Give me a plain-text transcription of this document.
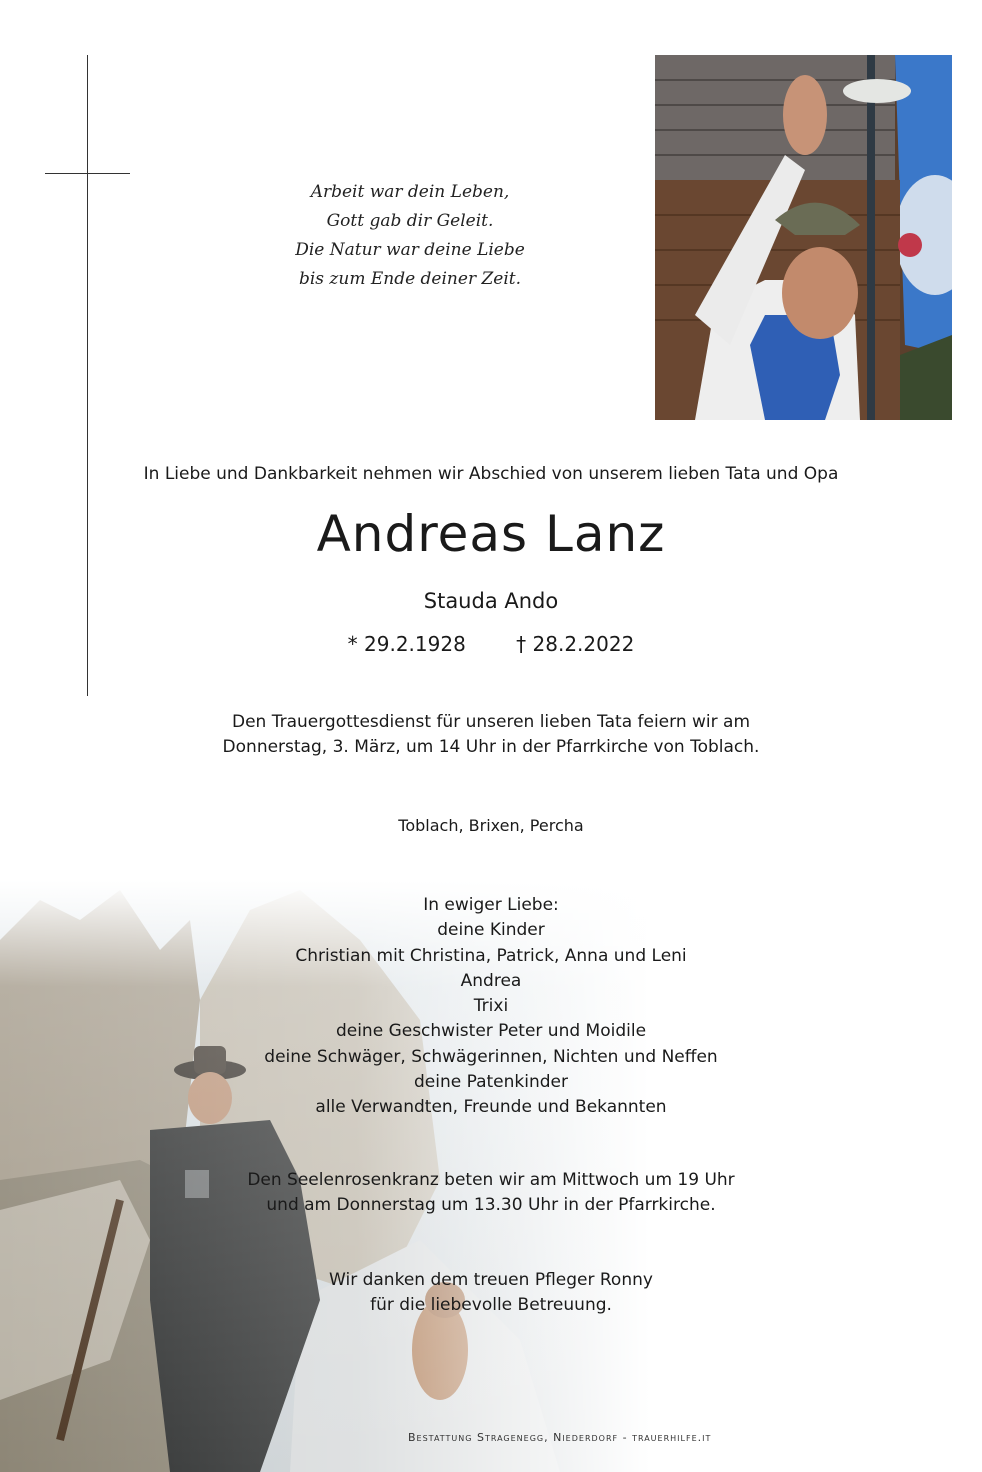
Arbeit war dein Leben,
Gott gab dir Geleit.
Die Natur war deine Liebe
bis zum Ende deiner Zeit.
In Liebe und Dankbarkeit nehmen wir Abschied von unserem lieben Tata und Opa
Andreas Lanz
Stauda Ando
* 29.2.1928	† 28.2.2022
Den Trauergottesdienst für unseren lieben Tata feiern wir am
Donnerstag, 3. März, um 14 Uhr in der Pfarrkirche von Toblach.
Toblach, Brixen, Percha
In ewiger Liebe:
deine Kinder
Christian mit Christina, Patrick, Anna und Leni
Andrea
Trixi
deine Geschwister Peter und Moidile
deine Schwäger, Schwägerinnen, Nichten und Neffen
deine Patenkinder
alle Verwandten, Freunde und Bekannten
Den Seelenrosenkranz beten wir am Mittwoch um 19 Uhr
und am Donnerstag um 13.30 Uhr in der Pfarrkirche.
Wir danken dem treuen Pfleger Ronny
für die liebevolle Betreuung.
Bestattung Stragenegg, Niederdorf - trauerhilfe.it
